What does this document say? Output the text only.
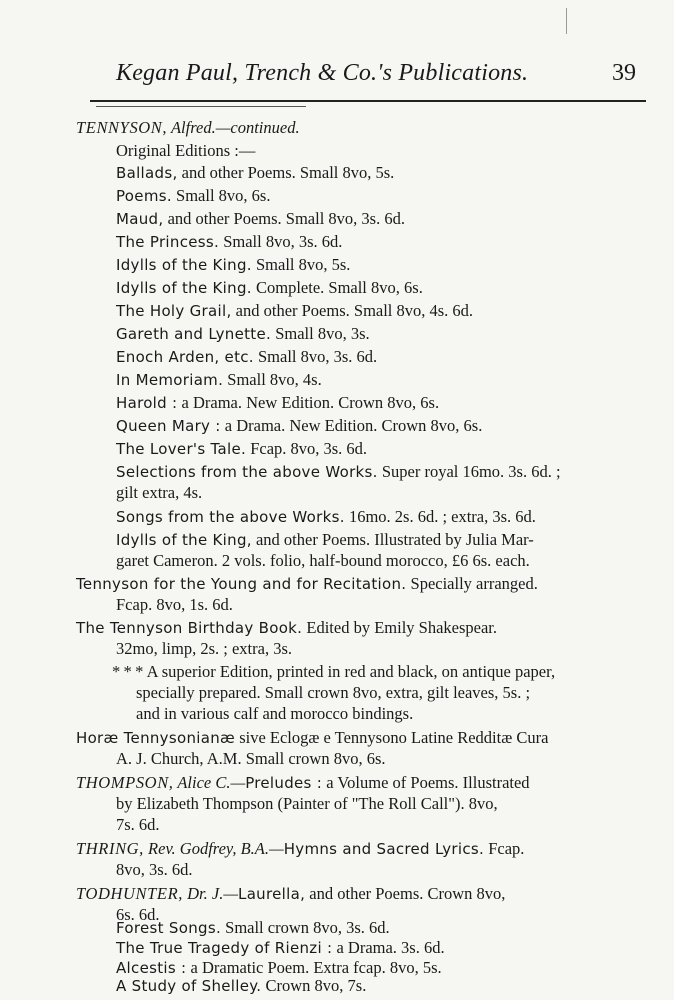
Kegan Paul, Trench & Co.'s Publications.	39
TENNYSON, Alfred.—continued.
Original Editions :—
Ballads, and other Poems. Small 8vo, 5s.
Poems. Small 8vo, 6s.
Maud, and other Poems. Small 8vo, 3s. 6d.
The Princess. Small 8vo, 3s. 6d.
Idylls of the King. Small 8vo, 5s.
Idylls of the King. Complete. Small 8vo, 6s.
The Holy Grail, and other Poems. Small 8vo, 4s. 6d.
Gareth and Lynette. Small 8vo, 3s.
Enoch Arden, etc. Small 8vo, 3s. 6d.
In Memoriam. Small 8vo, 4s.
Harold : a Drama. New Edition. Crown 8vo, 6s.
Queen Mary : a Drama. New Edition. Crown 8vo, 6s.
The Lover's Tale. Fcap. 8vo, 3s. 6d.
Selections from the above Works. Super royal 16mo. 3s. 6d. ;
gilt extra, 4s.
Songs from the above Works. 16mo. 2s. 6d. ; extra, 3s. 6d.
Idylls of the King, and other Poems. Illustrated by Julia Mar-
garet Cameron. 2 vols. folio, half-bound morocco, £6 6s. each.
Tennyson for the Young and for Recitation. Specially arranged.
Fcap. 8vo, 1s. 6d.
The Tennyson Birthday Book. Edited by Emily Shakespear.
32mo, limp, 2s. ; extra, 3s.
* * * A superior Edition, printed in red and black, on antique paper,
specially prepared. Small crown 8vo, extra, gilt leaves, 5s. ;
and in various calf and morocco bindings.
Horæ Tennysonianæ sive Eclogæ e Tennysono Latine Redditæ Cura
A. J. Church, A.M. Small crown 8vo, 6s.
THOMPSON, Alice C.—Preludes : a Volume of Poems. Illustrated
by Elizabeth Thompson (Painter of "The Roll Call"). 8vo,
7s. 6d.
THRING, Rev. Godfrey, B.A.—Hymns and Sacred Lyrics. Fcap.
8vo, 3s. 6d.
TODHUNTER, Dr. J.—Laurella, and other Poems. Crown 8vo,
6s. 6d.
Forest Songs. Small crown 8vo, 3s. 6d.
The True Tragedy of Rienzi : a Drama. 3s. 6d.
Alcestis : a Dramatic Poem. Extra fcap. 8vo, 5s.
A Study of Shelley. Crown 8vo, 7s.
